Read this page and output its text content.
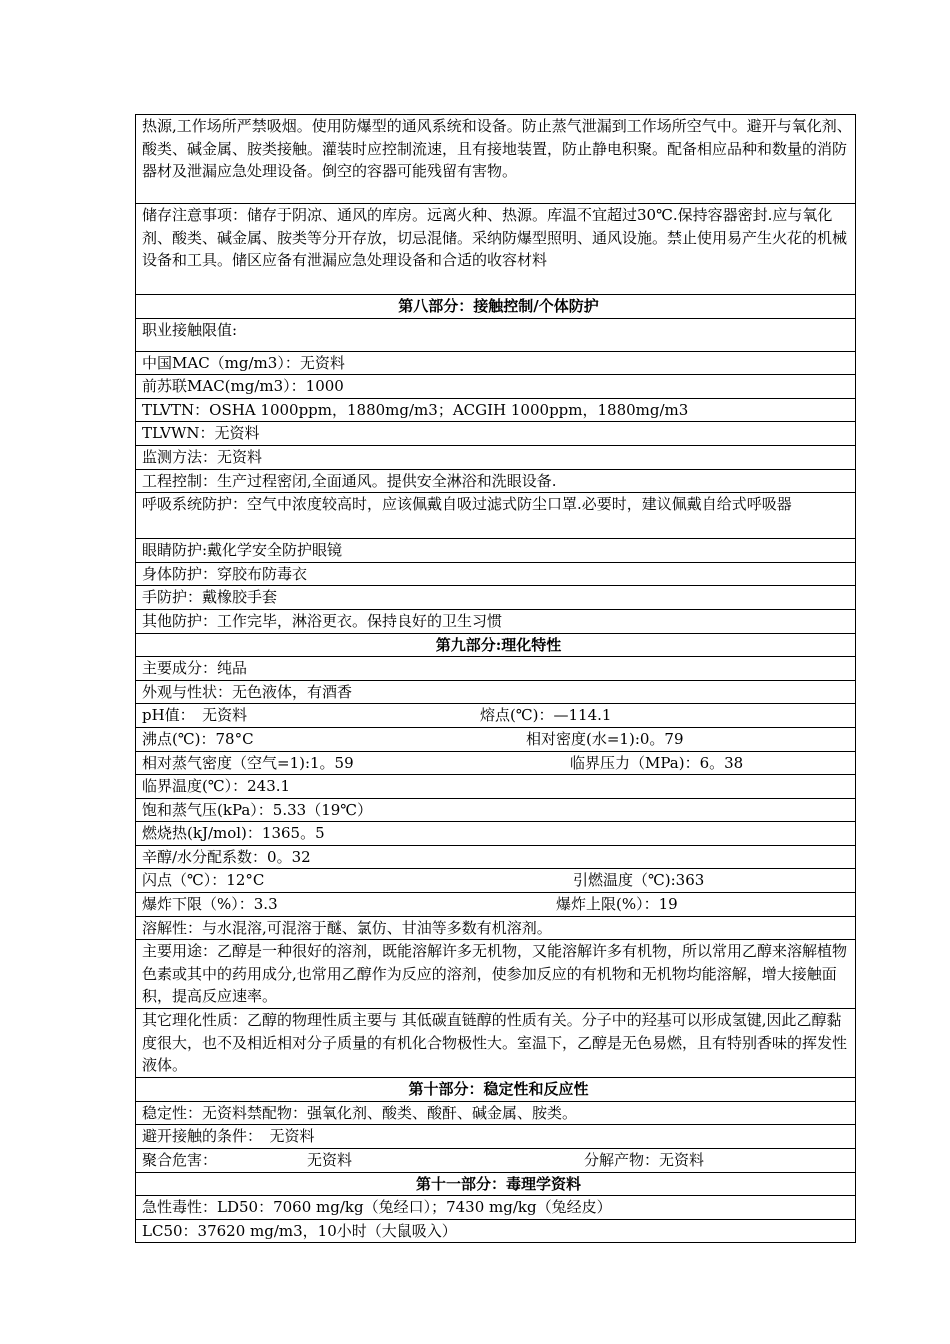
热源,工作场所严禁吸烟。使用防爆型的通风系统和设备。防止蒸气泄漏到工作场所空气中。避开与氧化剂、酸类、碱金属、胺类接触。灌装时应控制流速，且有接地装置，防止静电积聚。配备相应品种和数量的消防器材及泄漏应急处理设备。倒空的容器可能残留有害物。
储存注意事项：储存于阴凉、通风的库房。远离火种、热源。库温不宜超过30℃.保持容器密封.应与氧化剂、酸类、碱金属、胺类等分开存放，切忌混储。采纳防爆型照明、通风设施。禁止使用易产生火花的机械设备和工具。储区应备有泄漏应急处理设备和合适的收容材料
第八部分：接触控制/个体防护
职业接触限值:
中国MAC（mg/m3）：无资料
前苏联MAC(mg/m3）：1000
TLVTN：OSHA 1000ppm，1880mg/m3；ACGIH 1000ppm，1880mg/m3
TLVWN：无资料
监测方法：无资料
工程控制：生产过程密闭,全面通风。提供安全淋浴和洗眼设备.
呼吸系统防护：空气中浓度较高时，应该佩戴自吸过滤式防尘口罩.必要时，建议佩戴自给式呼吸器
眼睛防护:戴化学安全防护眼镜
身体防护：穿胶布防毒衣
手防护：戴橡胶手套
其他防护：工作完毕，淋浴更衣。保持良好的卫生习惯
第九部分:理化特性
主要成分：纯品
外观与性状：无色液体，有酒香

pH值：　无资料	熔点(℃)：—114.1

沸点(℃)：78°C	相对密度(水=1):0。79

相对蒸气密度（空气=1):1。59	临界压力（MPa)：6。38

临界温度(℃）：243.1
饱和蒸气压(kPa）：5.33（19℃）
燃烧热(kJ/mol)：1365。5
辛醇/水分配系数：0。32

闪点（℃）：12°C	引燃温度（℃):363

爆炸下限（%）：3.3	爆炸上限(%）：19

溶解性：与水混溶,可混溶于醚、氯仿、甘油等多数有机溶剂。
主要用途：乙醇是一种很好的溶剂，既能溶解许多无机物，又能溶解许多有机物，所以常用乙醇来溶解植物色素或其中的药用成分,也常用乙醇作为反应的溶剂，使参加反应的有机物和无机物均能溶解，增大接触面积，提高反应速率。
其它理化性质：乙醇的物理性质主要与 其低碳直链醇的性质有关。分子中的羟基可以形成氢键,因此乙醇黏度很大，也不及相近相对分子质量的有机化合物极性大。室温下，乙醇是无色易燃，且有特别香味的挥发性液体。
第十部分：稳定性和反应性
稳定性：无资料禁配物：强氧化剂、酸类、酸酐、碱金属、胺类。
避开接触的条件：　无资料

聚合危害：	无资料	分解产物：无资料

第十一部分：毒理学资料
急性毒性：LD50：7060 mg/kg（兔经口）；7430 mg/kg（兔经皮）
LC50：37620 mg/m3，10小时（大鼠吸入）
